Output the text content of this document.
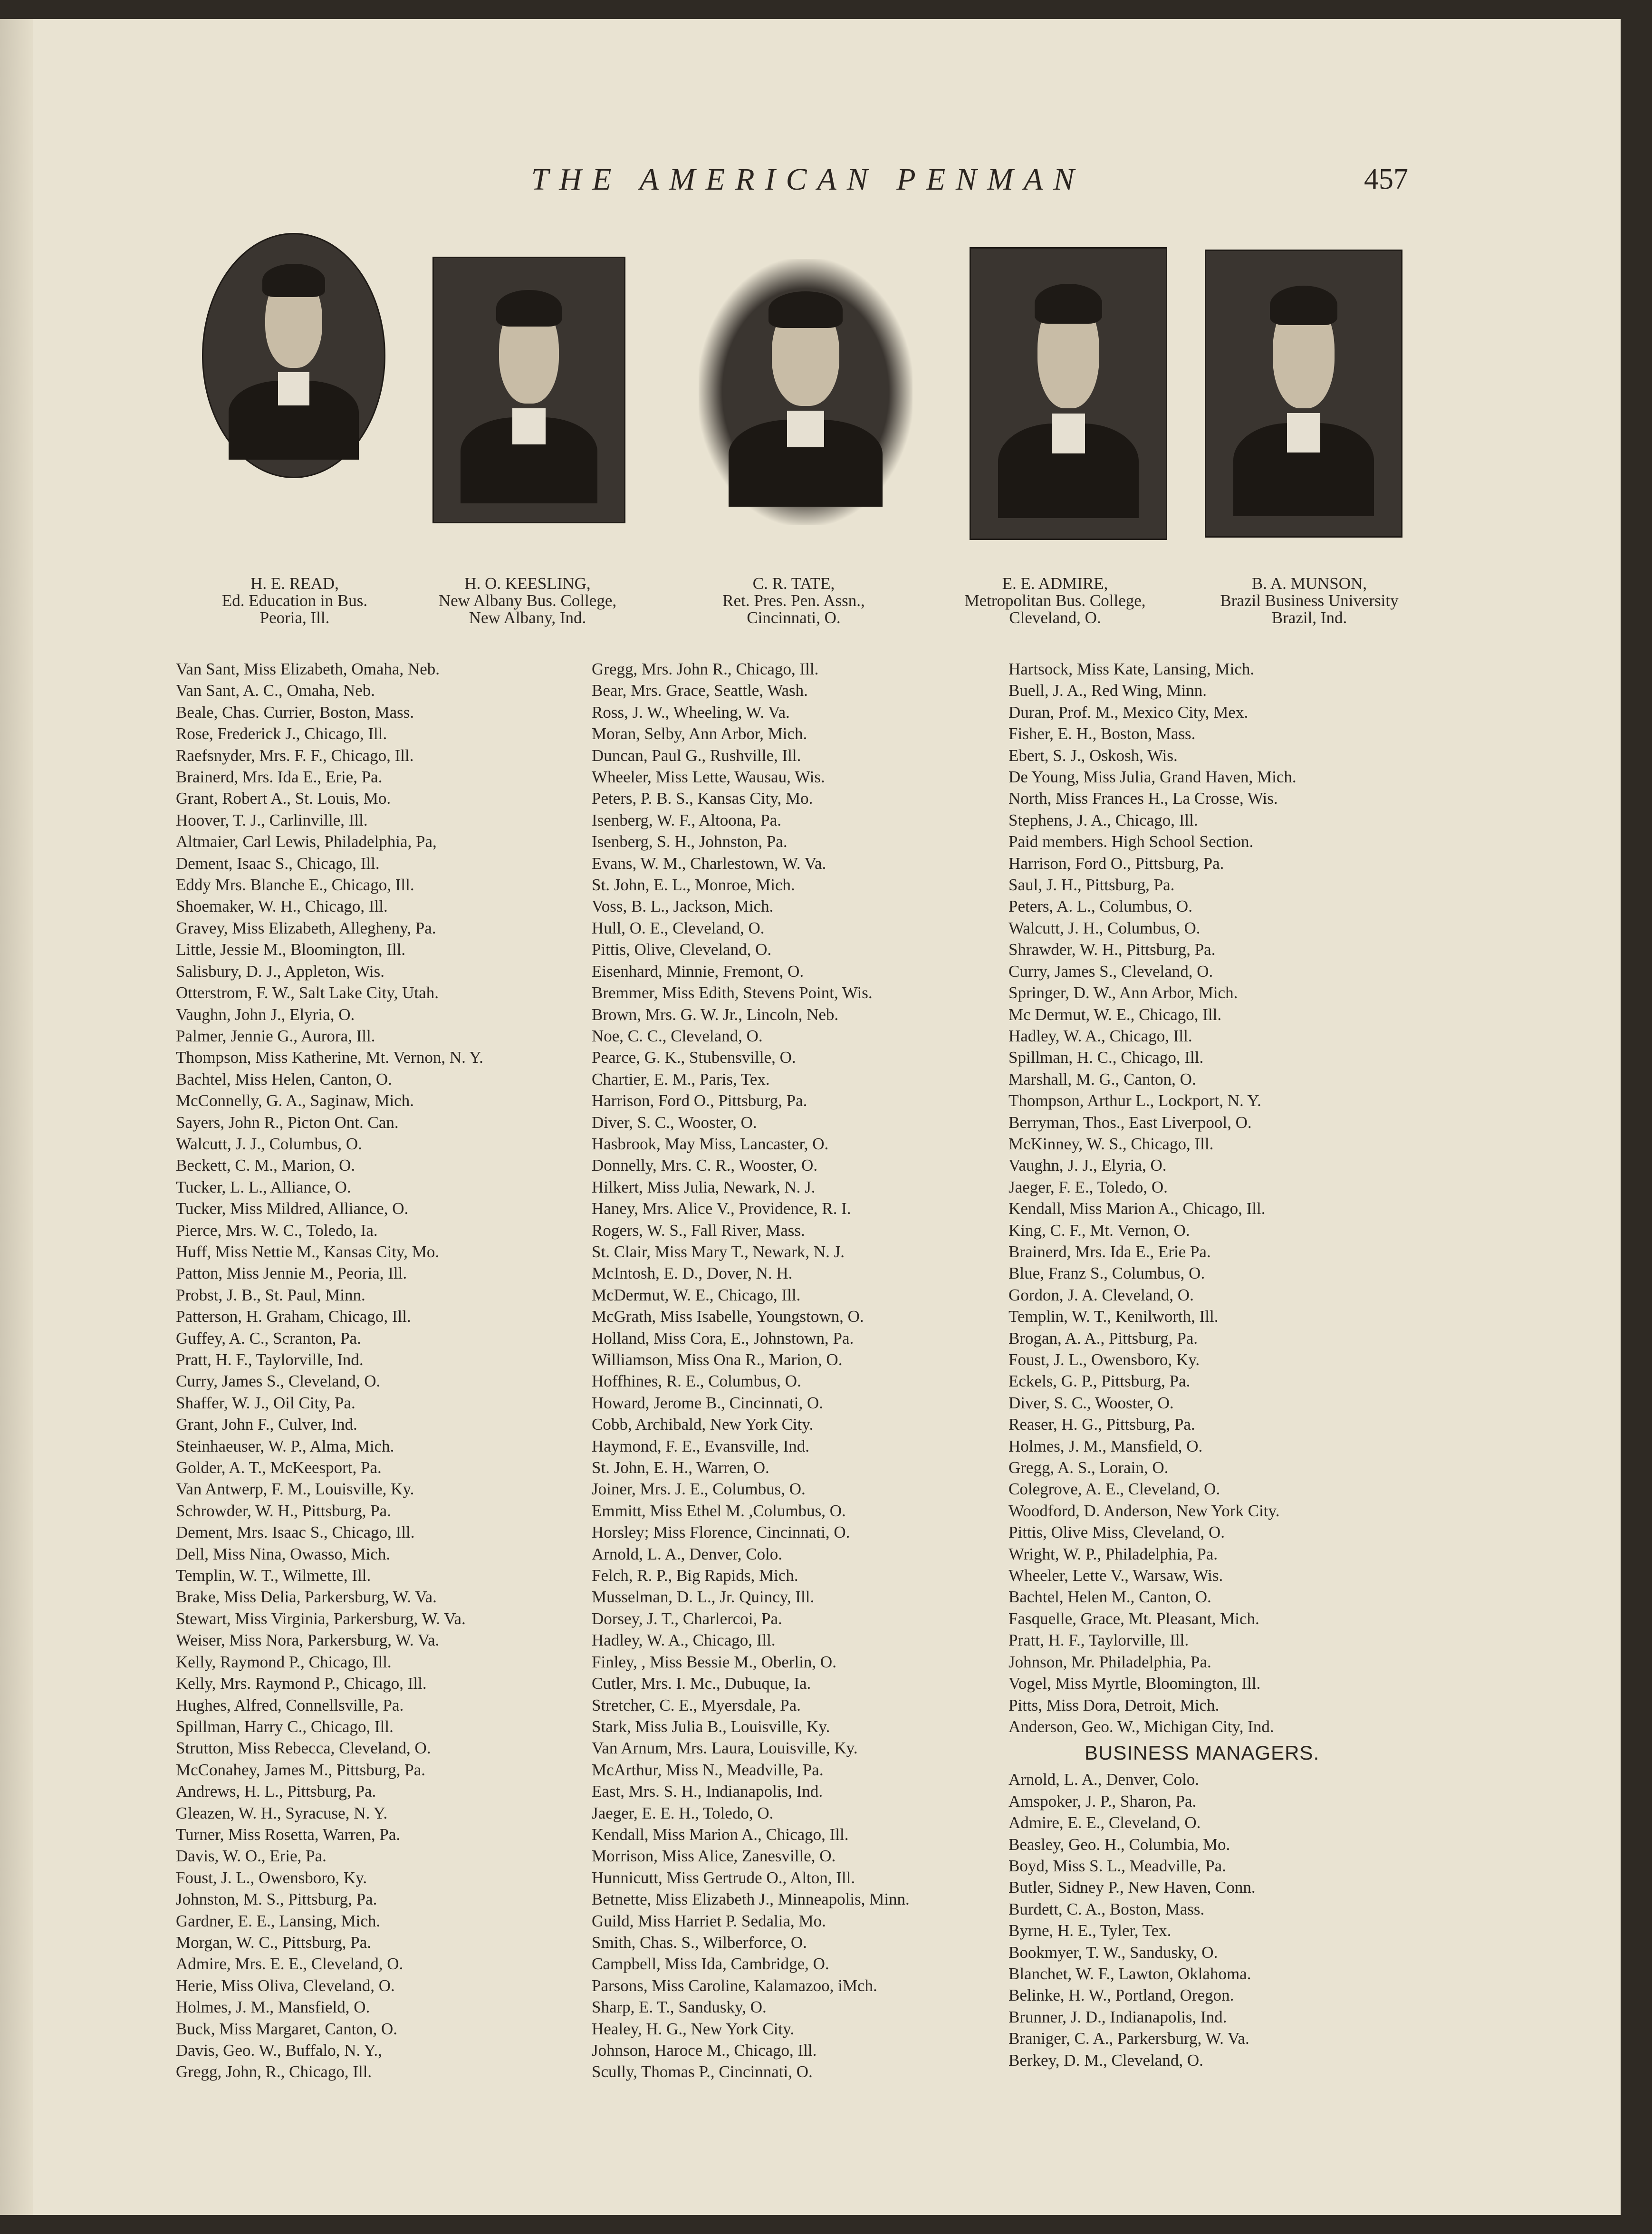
THE AMERICAN PENMAN	457
H. E. READ,
Ed. Education in Bus.
Peoria, Ill.
H. O. KEESLING,
New Albany Bus. College,
New Albany, Ind.
C. R. TATE,
Ret. Pres. Pen. Assn.,
Cincinnati, O.
E. E. ADMIRE,
Metropolitan Bus. College,
Cleveland, O.
B. A. MUNSON,
Brazil Business University
Brazil, Ind.
Van Sant, Miss Elizabeth, Omaha, Neb.
Van Sant, A. C., Omaha, Neb.
Beale, Chas. Currier, Boston, Mass.
Rose, Frederick J., Chicago, Ill.
Raefsnyder, Mrs. F. F., Chicago, Ill.
Brainerd, Mrs. Ida E., Erie, Pa.
Grant, Robert A., St. Louis, Mo.
Hoover, T. J., Carlinville, Ill.
Altmaier, Carl Lewis, Philadelphia, Pa,
Dement, Isaac S., Chicago, Ill.
Eddy Mrs. Blanche E., Chicago, Ill.
Shoemaker, W. H., Chicago, Ill.
Gravey, Miss Elizabeth, Allegheny, Pa.
Little, Jessie M., Bloomington, Ill.
Salisbury, D. J., Appleton, Wis.
Otterstrom, F. W., Salt Lake City, Utah.
Vaughn, John J., Elyria, O.
Palmer, Jennie G., Aurora, Ill.
Thompson, Miss Katherine, Mt. Vernon, N. Y.
Bachtel, Miss Helen, Canton, O.
McConnelly, G. A., Saginaw, Mich.
Sayers, John R., Picton Ont. Can.
Walcutt, J. J., Columbus, O.
Beckett, C. M., Marion, O.
Tucker, L. L., Alliance, O.
Tucker, Miss Mildred, Alliance, O.
Pierce, Mrs. W. C., Toledo, Ia.
Huff, Miss Nettie M., Kansas City, Mo.
Patton, Miss Jennie M., Peoria, Ill.
Probst, J. B., St. Paul, Minn.
Patterson, H. Graham, Chicago, Ill.
Guffey, A. C., Scranton, Pa.
Pratt, H. F., Taylorville, Ind.
Curry, James S., Cleveland, O.
Shaffer, W. J., Oil City, Pa.
Grant, John F., Culver, Ind.
Steinhaeuser, W. P., Alma, Mich.
Golder, A. T., McKeesport, Pa.
Van Antwerp, F. M., Louisville, Ky.
Schrowder, W. H., Pittsburg, Pa.
Dement, Mrs. Isaac S., Chicago, Ill.
Dell, Miss Nina, Owasso, Mich.
Templin, W. T., Wilmette, Ill.
Brake, Miss Delia, Parkersburg, W. Va.
Stewart, Miss Virginia, Parkersburg, W. Va.
Weiser, Miss Nora, Parkersburg, W. Va.
Kelly, Raymond P., Chicago, Ill.
Kelly, Mrs. Raymond P., Chicago, Ill.
Hughes, Alfred, Connellsville, Pa.
Spillman, Harry C., Chicago, Ill.
Strutton, Miss Rebecca, Cleveland, O.
McConahey, James M., Pittsburg, Pa.
Andrews, H. L., Pittsburg, Pa.
Gleazen, W. H., Syracuse, N. Y.
Turner, Miss Rosetta, Warren, Pa.
Davis, W. O., Erie, Pa.
Foust, J. L., Owensboro, Ky.
Johnston, M. S., Pittsburg, Pa.
Gardner, E. E., Lansing, Mich.
Morgan, W. C., Pittsburg, Pa.
Admire, Mrs. E. E., Cleveland, O.
Herie, Miss Oliva, Cleveland, O.
Holmes, J. M., Mansfield, O.
Buck, Miss Margaret, Canton, O.
Davis, Geo. W., Buffalo, N. Y.,
Gregg, John, R., Chicago, Ill.
Gregg, Mrs. John R., Chicago, Ill.
Bear, Mrs. Grace, Seattle, Wash.
Ross, J. W., Wheeling, W. Va.
Moran, Selby, Ann Arbor, Mich.
Duncan, Paul G., Rushville, Ill.
Wheeler, Miss Lette, Wausau, Wis.
Peters, P. B. S., Kansas City, Mo.
Isenberg, W. F., Altoona, Pa.
Isenberg, S. H., Johnston, Pa.
Evans, W. M., Charlestown, W. Va.
St. John, E. L., Monroe, Mich.
Voss, B. L., Jackson, Mich.
Hull, O. E., Cleveland, O.
Pittis, Olive, Cleveland, O.
Eisenhard, Minnie, Fremont, O.
Bremmer, Miss Edith, Stevens Point, Wis.
Brown, Mrs. G. W. Jr., Lincoln, Neb.
Noe, C. C., Cleveland, O.
Pearce, G. K., Stubensville, O.
Chartier, E. M., Paris, Tex.
Harrison, Ford O., Pittsburg, Pa.
Diver, S. C., Wooster, O.
Hasbrook, May Miss, Lancaster, O.
Donnelly, Mrs. C. R., Wooster, O.
Hilkert, Miss Julia, Newark, N. J.
Haney, Mrs. Alice V., Providence, R. I.
Rogers, W. S., Fall River, Mass.
St. Clair, Miss Mary T., Newark, N. J.
McIntosh, E. D., Dover, N. H.
McDermut, W. E., Chicago, Ill.
McGrath, Miss Isabelle, Youngstown, O.
Holland, Miss Cora, E., Johnstown, Pa.
Williamson, Miss Ona R., Marion, O.
Hoffhines, R. E., Columbus, O.
Howard, Jerome B., Cincinnati, O.
Cobb, Archibald, New York City.
Haymond, F. E., Evansville, Ind.
St. John, E. H., Warren, O.
Joiner, Mrs. J. E., Columbus, O.
Emmitt, Miss Ethel M. ,Columbus, O.
Horsley; Miss Florence, Cincinnati, O.
Arnold, L. A., Denver, Colo.
Felch, R. P., Big Rapids, Mich.
Musselman, D. L., Jr. Quincy, Ill.
Dorsey, J. T., Charlercoi, Pa.
Hadley, W. A., Chicago, Ill.
Finley, , Miss Bessie M., Oberlin, O.
Cutler, Mrs. I. Mc., Dubuque, Ia.
Stretcher, C. E., Myersdale, Pa.
Stark, Miss Julia B., Louisville, Ky.
Van Arnum, Mrs. Laura, Louisville, Ky.
McArthur, Miss N., Meadville, Pa.
East, Mrs. S. H., Indianapolis, Ind.
Jaeger, E. E. H., Toledo, O.
Kendall, Miss Marion A., Chicago, Ill.
Morrison, Miss Alice, Zanesville, O.
Hunnicutt, Miss Gertrude O., Alton, Ill.
Betnette, Miss Elizabeth J., Minneapolis, Minn.
Guild, Miss Harriet P. Sedalia, Mo.
Smith, Chas. S., Wilberforce, O.
Campbell, Miss Ida, Cambridge, O.
Parsons, Miss Caroline, Kalamazoo, iMch.
Sharp, E. T., Sandusky, O.
Healey, H. G., New York City.
Johnson, Haroce M., Chicago, Ill.
Scully, Thomas P., Cincinnati, O.
Hartsock, Miss Kate, Lansing, Mich.
Buell, J. A., Red Wing, Minn.
Duran, Prof. M., Mexico City, Mex.
Fisher, E. H., Boston, Mass.
Ebert, S. J., Oskosh, Wis.
De Young, Miss Julia, Grand Haven, Mich.
North, Miss Frances H., La Crosse, Wis.
Stephens, J. A., Chicago, Ill.
Paid members. High School Section.
Harrison, Ford O., Pittsburg, Pa.
Saul, J. H., Pittsburg, Pa.
Peters, A. L., Columbus, O.
Walcutt, J. H., Columbus, O.
Shrawder, W. H., Pittsburg, Pa.
Curry, James S., Cleveland, O.
Springer, D. W., Ann Arbor, Mich.
Mc Dermut, W. E., Chicago, Ill.
Hadley, W. A., Chicago, Ill.
Spillman, H. C., Chicago, Ill.
Marshall, M. G., Canton, O.
Thompson, Arthur L., Lockport, N. Y.
Berryman, Thos., East Liverpool, O.
McKinney, W. S., Chicago, Ill.
Vaughn, J. J., Elyria, O.
Jaeger, F. E., Toledo, O.
Kendall, Miss Marion A., Chicago, Ill.
King, C. F., Mt. Vernon, O.
Brainerd, Mrs. Ida E., Erie Pa.
Blue, Franz S., Columbus, O.
Gordon, J. A. Cleveland, O.
Templin, W. T., Kenilworth, Ill.
Brogan, A. A., Pittsburg, Pa.
Foust, J. L., Owensboro, Ky.
Eckels, G. P., Pittsburg, Pa.
Diver, S. C., Wooster, O.
Reaser, H. G., Pittsburg, Pa.
Holmes, J. M., Mansfield, O.
Gregg, A. S., Lorain, O.
Colegrove, A. E., Cleveland, O.
Woodford, D. Anderson, New York City.
Pittis, Olive Miss, Cleveland, O.
Wright, W. P., Philadelphia, Pa.
Wheeler, Lette V., Warsaw, Wis.
Bachtel, Helen M., Canton, O.
Fasquelle, Grace, Mt. Pleasant, Mich.
Pratt, H. F., Taylorville, Ill.
Johnson, Mr. Philadelphia, Pa.
Vogel, Miss Myrtle, Bloomington, Ill.
Pitts, Miss Dora, Detroit, Mich.
Anderson, Geo. W., Michigan City, Ind.
BUSINESS MANAGERS.
Arnold, L. A., Denver, Colo.
Amspoker, J. P., Sharon, Pa.
Admire, E. E., Cleveland, O.
Beasley, Geo. H., Columbia, Mo.
Boyd, Miss S. L., Meadville, Pa.
Butler, Sidney P., New Haven, Conn.
Burdett, C. A., Boston, Mass.
Byrne, H. E., Tyler, Tex.
Bookmyer, T. W., Sandusky, O.
Blanchet, W. F., Lawton, Oklahoma.
Belinke, H. W., Portland, Oregon.
Brunner, J. D., Indianapolis, Ind.
Braniger, C. A., Parkersburg, W. Va.
Berkey, D. M., Cleveland, O.
